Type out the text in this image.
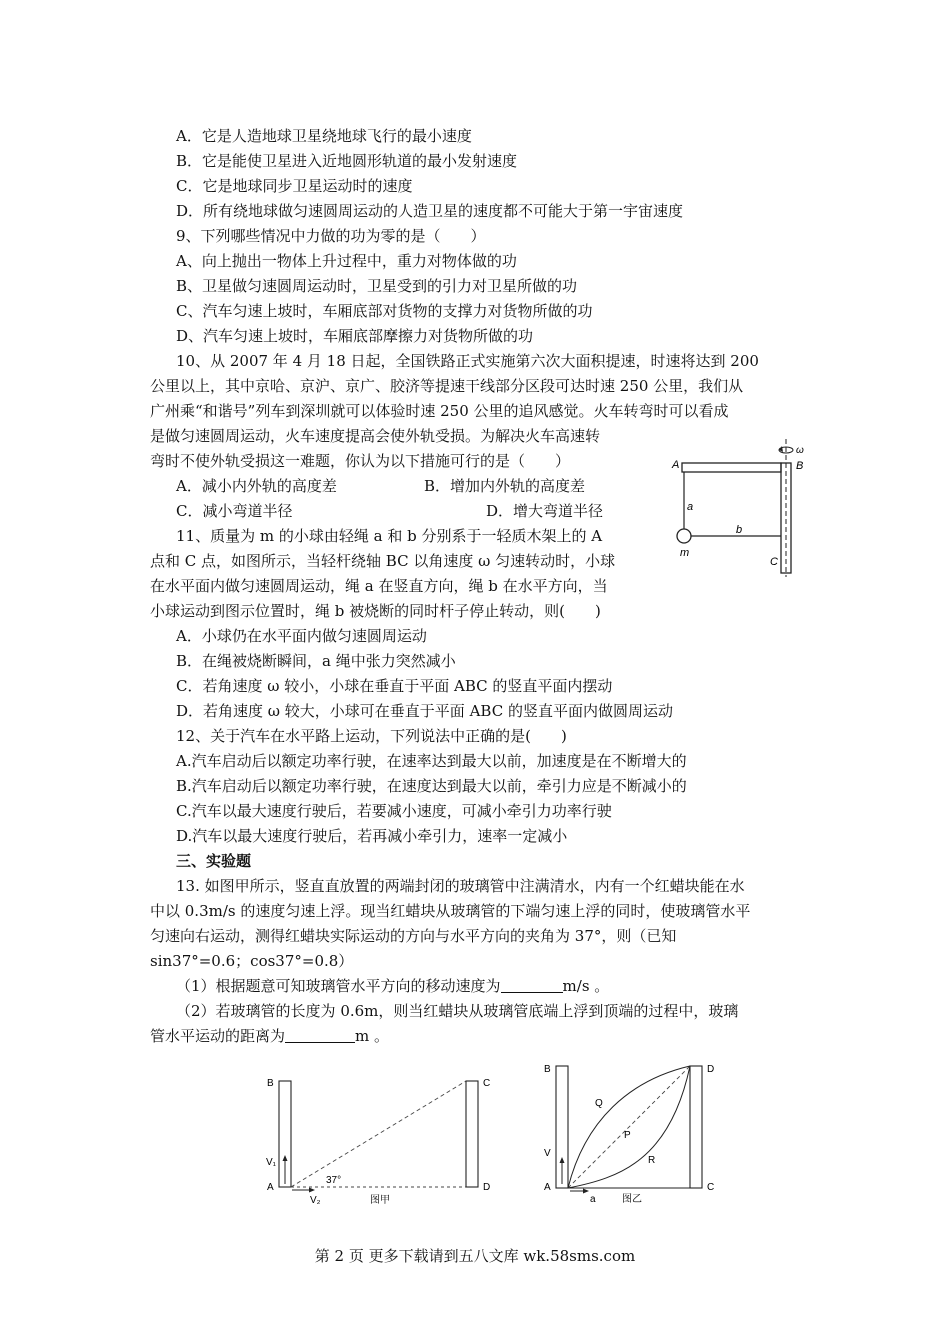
A．它是人造地球卫星绕地球飞行的最小速度
B．它是能使卫星进入近地圆形轨道的最小发射速度
C．它是地球同步卫星运动时的速度
D．所有绕地球做匀速圆周运动的人造卫星的速度都不可能大于第一宇宙速度
9、下列哪些情况中力做的功为零的是（　　）
A、向上抛出一物体上升过程中，重力对物体做的功
B、卫星做匀速圆周运动时，卫星受到的引力对卫星所做的功
C、汽车匀速上坡时，车厢底部对货物的支撑力对货物所做的功
D、汽车匀速上坡时，车厢底部摩擦力对货物所做的功
10、从 2007 年 4 月 18 日起，全国铁路正式实施第六次大面积提速，时速将达到 200
公里以上，其中京哈、京沪、京广、胶济等提速干线部分区段可达时速 250 公里，我们从
广州乘“和谐号”列车到深圳就可以体验时速 250 公里的追风感觉。火车转弯时可以看成
是做匀速圆周运动，火车速度提高会使外轨受损。为解决火车高速转
弯时不使外轨受损这一难题，你认为以下措施可行的是（　　）
A．减小内外轨的高度差	B．增加内外轨的高度差
C．减小弯道半径	D．增大弯道半径
11、质量为 m 的小球由轻绳 a 和 b 分别系于一轻质木架上的 A
点和 C 点，如图所示，当轻杆绕轴 BC 以角速度 ω 匀速转动时，小球
在水平面内做匀速圆周运动，绳 a 在竖直方向，绳 b 在水平方向，当
小球运动到图示位置时，绳 b 被烧断的同时杆子停止转动，则(　　)
A．小球仍在水平面内做匀速圆周运动
B．在绳被烧断瞬间，a 绳中张力突然减小
C．若角速度 ω 较小，小球在垂直于平面 ABC 的竖直平面内摆动
D．若角速度 ω 较大，小球可在垂直于平面 ABC 的竖直平面内做圆周运动
A	B
C
a
b
m
ω
12、关于汽车在水平路上运动，下列说法中正确的是(　　)
A.汽车启动后以额定功率行驶，在速率达到最大以前，加速度是在不断增大的
B.汽车启动后以额定功率行驶，在速度达到最大以前，牵引力应是不断减小的
C.汽车以最大速度行驶后，若要减小速度，可减小牵引力功率行驶
D.汽车以最大速度行驶后，若再减小牵引力，速率一定减小
三、实验题
13. 如图甲所示，竖直直放置的两端封闭的玻璃管中注满清水，内有一个红蜡块能在水
中以 0.3m/s 的速度匀速上浮。现当红蜡块从玻璃管的下端匀速上浮的同时，使玻璃管水平
匀速向右运动，测得红蜡块实际运动的方向与水平方向的夹角为 37°，则（已知
sin37°=0.6；cos37°=0.8）
（1）根据题意可知玻璃管水平方向的移动速度为	m/s 。
（2）若玻璃管的长度为 0.6m，则当红蜡块从玻璃管底端上浮到顶端的过程中，玻璃
管水平运动的距离为	m 。
B	C
A	D
V₁
V₂
37°
图甲
B	D
A	C
V
Q
P
R
a	图乙
第 2 页 更多下载请到五八文库 wk.58sms.com
